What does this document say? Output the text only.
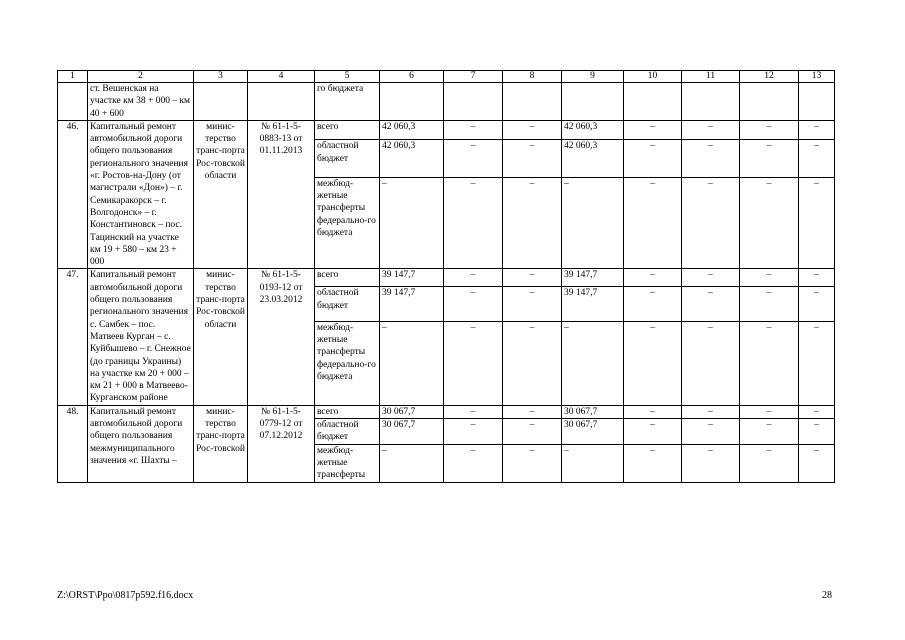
1	2	3	4	5	6	7	8	9	10	11	12	13
	ст. Вешенская на участке км 38 + 000 – км 40 + 600			го бюджета								
46.	Капитальный ремонт автомобильной дороги общего пользования регионального значения «г. Ростов-на-Дону (от магистрали «Дон») – г. Семикаракорск – г. Волгодонск» – г. Константиновск – пос. Тацинский на участке км 19 + 580 – км 23 + 000	минис-терство транс-порта Рос-товской области	№ 61-1-5-0883-13 от 01.11.2013	всего	42 060,3	–	–	42 060,3	–	–	–	–
				областной бюджет	42 060,3	–	–	42 060,3	–	–	–	–
				межбюд-жетные трансферты федерально-го бюджета	–	–	–	–	–	–	–	–
47.	Капитальный ремонт автомобильной дороги общего пользования регионального значения с. Самбек – пос. Матвеев Курган – с. Куйбышево – г. Снежное (до границы Украины) на участке км 20 + 000 – км 21 + 000 в Матвеево-Курганском районе	минис-терство транс-порта Рос-товской области	№ 61-1-5-0193-12 от 23.03.2012	всего	39 147,7	–	–	39 147,7	–	–	–	–
				областной бюджет	39 147,7	–	–	39 147,7	–	–	–	–
				межбюд-жетные трансферты федерально-го бюджета	–	–	–	–	–	–	–	–
48.	Капитальный ремонт автомобильной дороги общего пользования межмуниципального значения «г. Шахты –	минис-терство транс-порта Рос-товской	№ 61-1-5-0779-12 от 07.12.2012	всего	30 067,7	–	–	30 067,7	–	–	–	–
				областной бюджет	30 067,7	–	–	30 067,7	–	–	–	–
				межбюд-жетные трансферты	–	–	–	–	–	–	–	–
Z:\ORST\Ppo\0817p592.f16.docx	28
